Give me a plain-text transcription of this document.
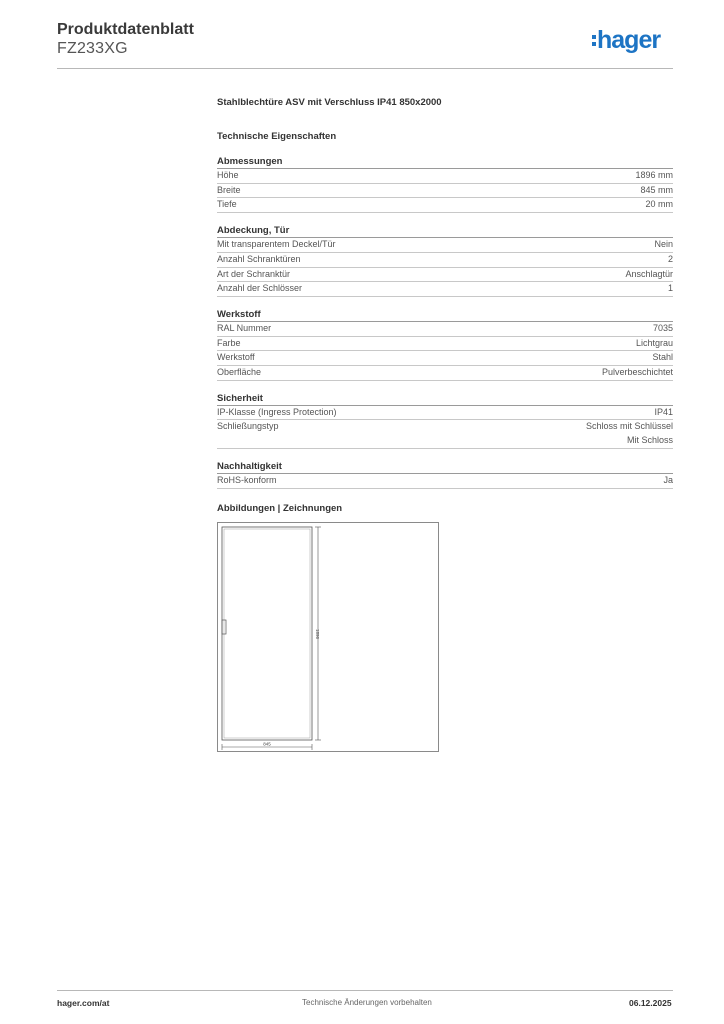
Produktdatenblatt
FZ233XG	hager
Stahlblechtüre ASV mit Verschluss IP41 850x2000
Technische Eigenschaften
Abmessungen
Höhe	1896 mm
Breite	845 mm
Tiefe	20 mm
Abdeckung, Tür
Mit transparentem Deckel/Tür	Nein
Anzahl Schranktüren	2
Art der Schranktür	Anschlagtür
Anzahl der Schlösser	1
Werkstoff
RAL Nummer	7035
Farbe	Lichtgrau
Werkstoff	Stahl
Oberfläche	Pulverbeschichtet
Sicherheit
IP-Klasse (Ingress Protection)	IP41
Schließungstyp	Schloss mit Schlüssel
Mit Schloss
Nachhaltigkeit
RoHS-konform	Ja
Abbildungen | Zeichnungen
1896
845
hager.com/at	Technische Änderungen vorbehalten	06.12.2025
